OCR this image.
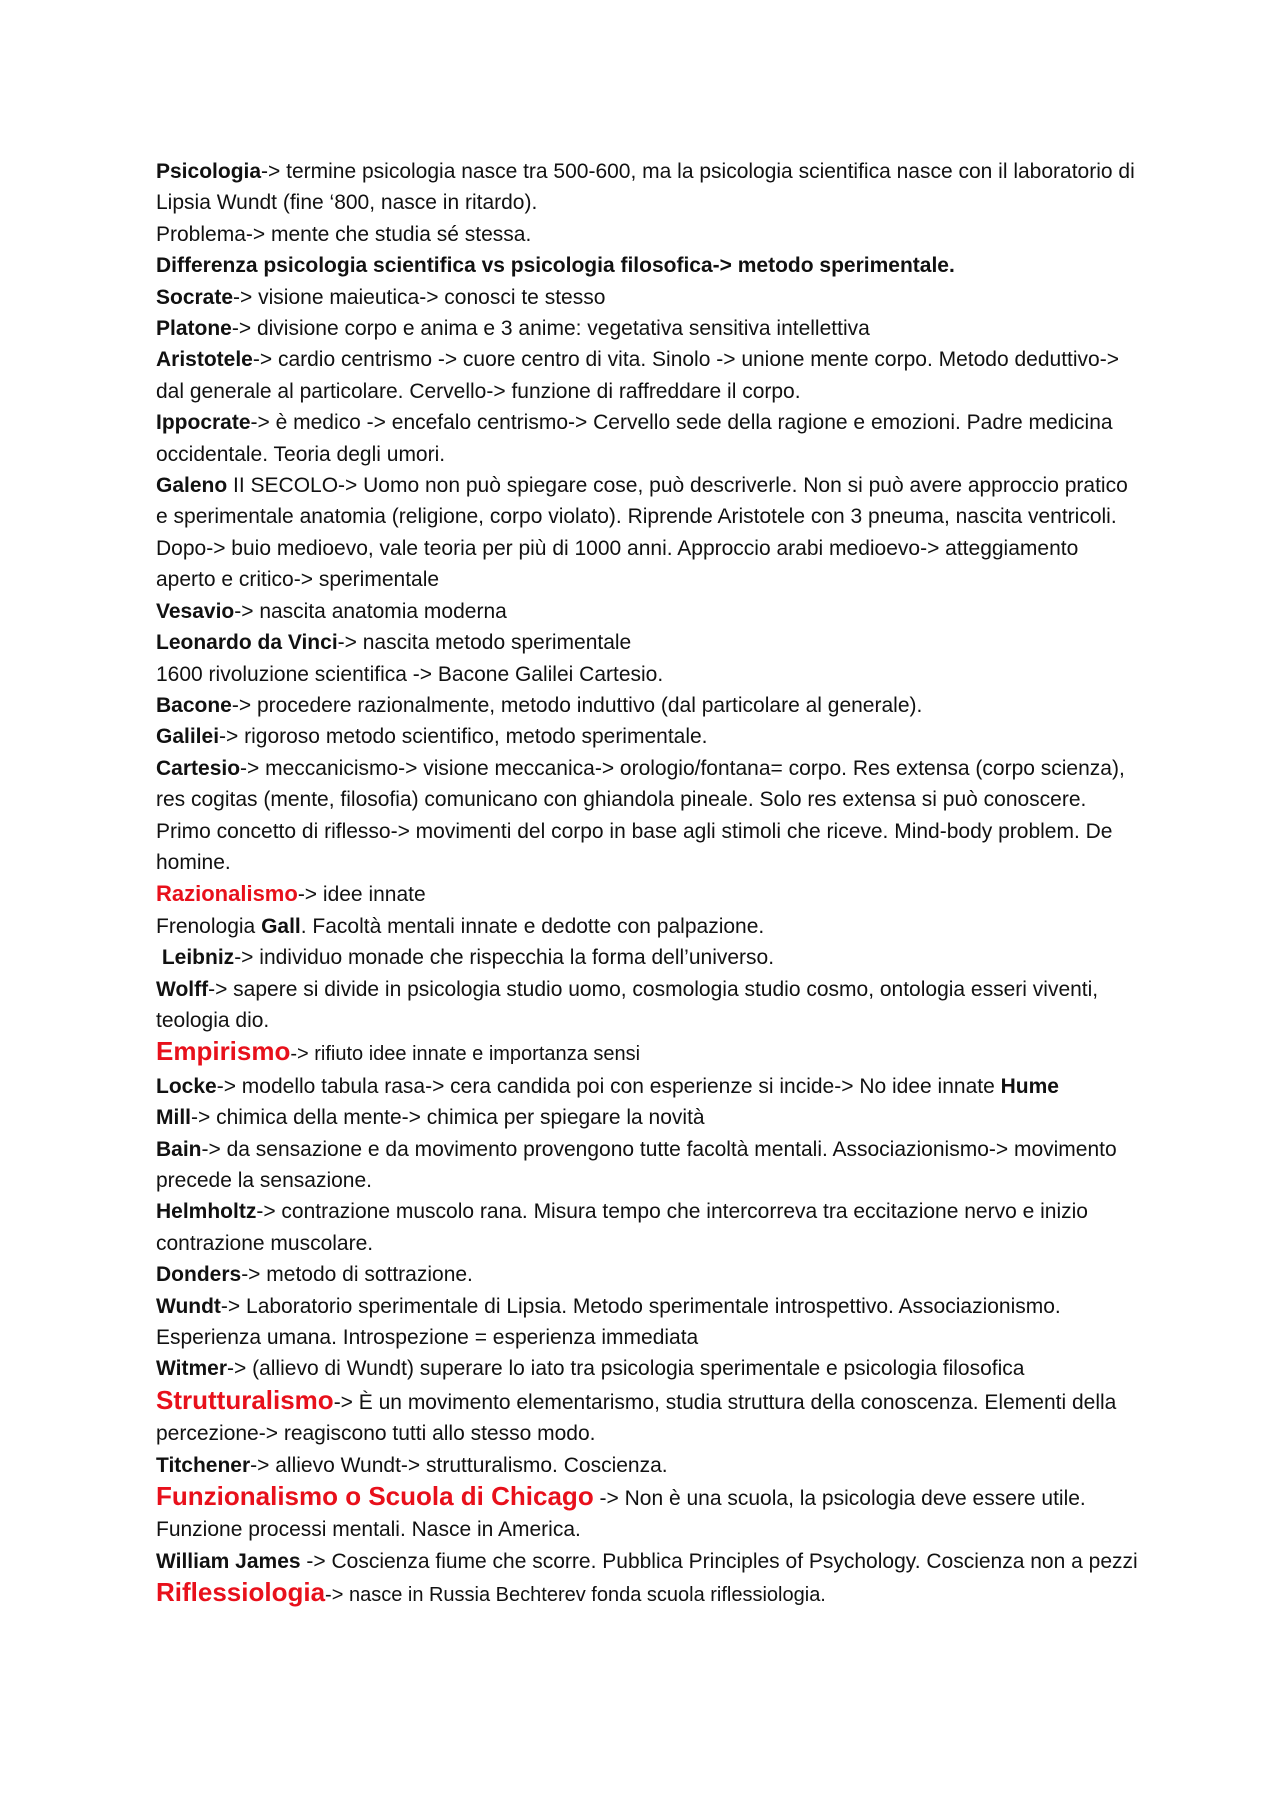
Psicologia-> termine psicologia nasce tra 500-600, ma la psicologia scientifica nasce con il laboratorio di Lipsia Wundt (fine ‘800, nasce in ritardo).

Problema-> mente che studia sé stessa.

Differenza psicologia scientifica vs psicologia filosofica-> metodo sperimentale.

Socrate-> visione maieutica-> conosci te stesso

Platone-> divisione corpo e anima e 3 anime: vegetativa sensitiva intellettiva

Aristotele-> cardio centrismo -> cuore centro di vita. Sinolo -> unione mente corpo. Metodo deduttivo-> dal generale al particolare. Cervello-> funzione di raffreddare il corpo.

Ippocrate-> è medico -> encefalo centrismo-> Cervello sede della ragione e emozioni. Padre medicina occidentale. Teoria degli umori.

Galeno II SECOLO-> Uomo non può spiegare cose, può descriverle. Non si può avere approccio pratico e sperimentale anatomia (religione, corpo violato). Riprende Aristotele con 3 pneuma, nascita ventricoli. Dopo-> buio medioevo, vale teoria per più di 1000 anni. Approccio arabi medioevo-> atteggiamento aperto e critico-> sperimentale

Vesavio-> nascita anatomia moderna

Leonardo da Vinci-> nascita metodo sperimentale

1600 rivoluzione scientifica -> Bacone Galilei Cartesio.

Bacone-> procedere razionalmente, metodo induttivo (dal particolare al generale).

Galilei-> rigoroso metodo scientifico, metodo sperimentale.

Cartesio-> meccanicismo-> visione meccanica-> orologio/fontana= corpo. Res extensa (corpo scienza), res cogitas (mente, filosofia) comunicano con ghiandola pineale. Solo res extensa si può conoscere. Primo concetto di riflesso-> movimenti del corpo in base agli stimoli che riceve. Mind-body problem. De homine.

Razionalismo-> idee innate

Frenologia Gall. Facoltà mentali innate e dedotte con palpazione.

Leibniz-> individuo monade che rispecchia la forma dell’universo.

Wolff-> sapere si divide in psicologia studio uomo, cosmologia studio cosmo, ontologia esseri viventi, teologia dio.

Empirismo-> rifiuto idee innate e importanza sensi

Locke-> modello tabula rasa-> cera candida poi con esperienze si incide-> No idee innate Hume

Mill-> chimica della mente-> chimica per spiegare la novità

Bain-> da sensazione e da movimento provengono tutte facoltà mentali. Associazionismo-> movimento precede la sensazione.

Helmholtz-> contrazione muscolo rana. Misura tempo che intercorreva tra eccitazione nervo e inizio contrazione muscolare.

Donders-> metodo di sottrazione.

Wundt-> Laboratorio sperimentale di Lipsia. Metodo sperimentale introspettivo. Associazionismo. Esperienza umana. Introspezione = esperienza immediata

Witmer-> (allievo di Wundt) superare lo iato tra psicologia sperimentale e psicologia filosofica

Strutturalismo-> È un movimento elementarismo, studia struttura della conoscenza. Elementi della percezione-> reagiscono tutti allo stesso modo.

Titchener-> allievo Wundt-> strutturalismo. Coscienza.

Funzionalismo o Scuola di Chicago -> Non è una scuola, la psicologia deve essere utile. Funzione processi mentali. Nasce in America.

William James -> Coscienza fiume che scorre. Pubblica Principles of Psychology. Coscienza non a pezzi

Riflessiologia-> nasce in Russia Bechterev fonda scuola riflessiologia.
